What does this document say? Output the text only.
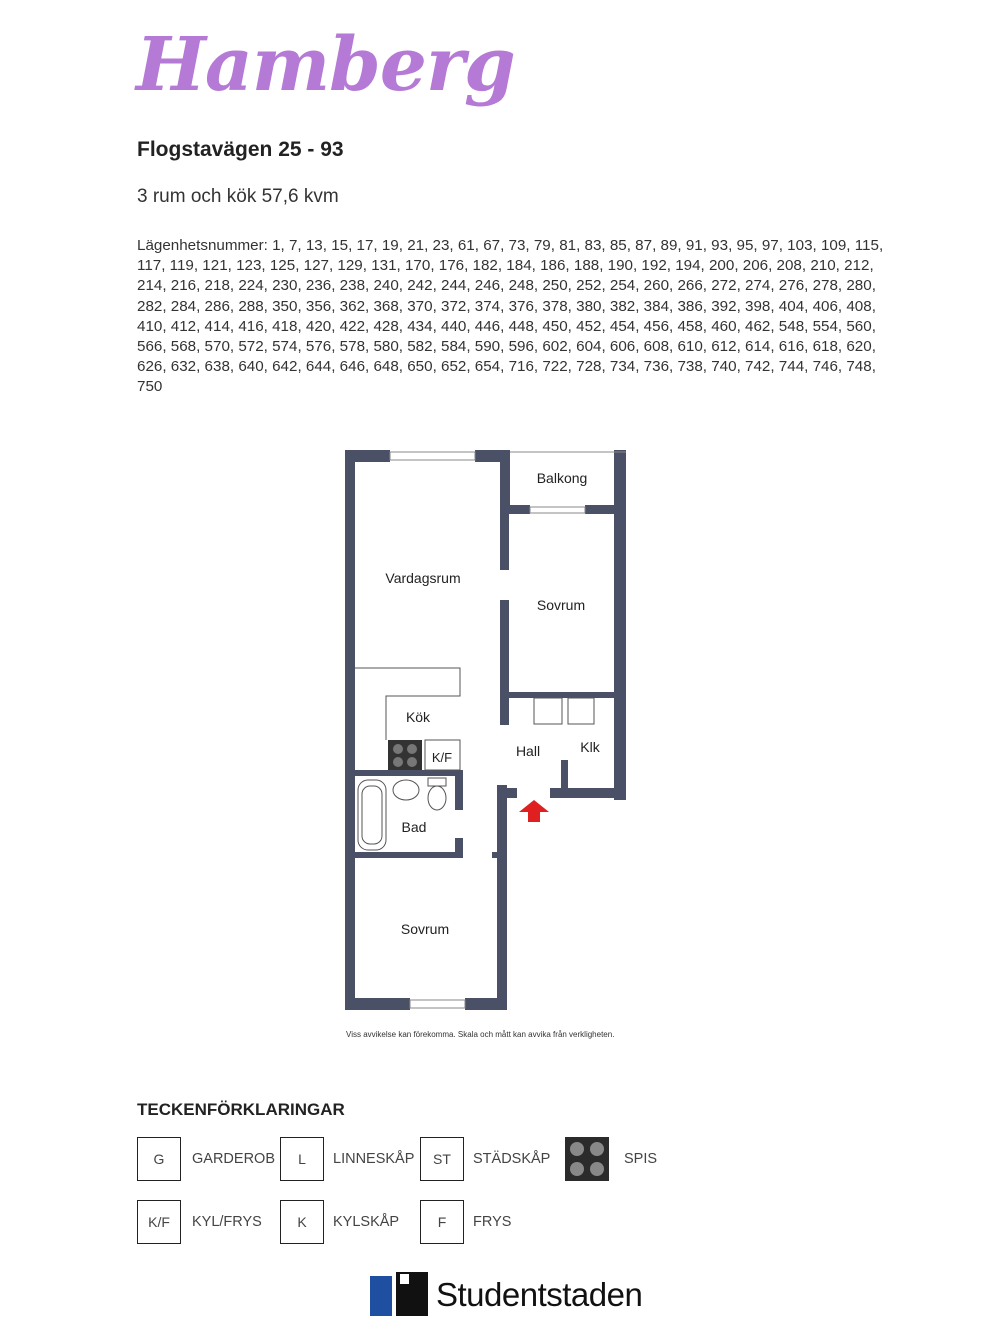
Hamberg
Flogstavägen 25 - 93
3 rum och kök 57,6 kvm
Lägenhetsnummer: 1, 7, 13, 15, 17, 19, 21, 23, 61, 67, 73, 79, 81, 83, 85, 87, 89, 91, 93, 95, 97, 103, 109, 115, 117, 119, 121, 123, 125, 127, 129, 131, 170, 176, 182, 184, 186, 188, 190, 192, 194, 200, 206, 208, 210, 212, 214, 216, 218, 224, 230, 236, 238, 240, 242, 244, 246, 248, 250, 252, 254, 260, 266, 272, 274, 276, 278, 280, 282, 284, 286, 288, 350, 356, 362, 368, 370, 372, 374, 376, 378, 380, 382, 384, 386, 392, 398, 404, 406, 408, 410, 412, 414, 416, 418, 420, 422, 428, 434, 440, 446, 448, 450, 452, 454, 456, 458, 460, 462, 548, 554, 560, 566, 568, 570, 572, 574, 576, 578, 580, 582, 584, 590, 596, 602, 604, 606, 608, 610, 612, 614, 616, 618, 620, 626, 632, 638, 640, 642, 644, 646, 648, 650, 652, 654, 716, 722, 728, 734, 736, 738, 740, 742, 744, 746, 748, 750
Balkong
Vardagsrum
Sovrum
Kök
K/F	Hall	Klk
Bad
Sovrum
Viss avvikelse kan förekomma. Skala och mått kan avvika från verkligheten.
TECKENFÖRKLARINGAR
G	GARDEROB	L	LINNESKÅP	ST	STÄDSKÅP	SPIS
K/F	KYL/FRYS	K	KYLSKÅP	F	FRYS
Studentstaden
